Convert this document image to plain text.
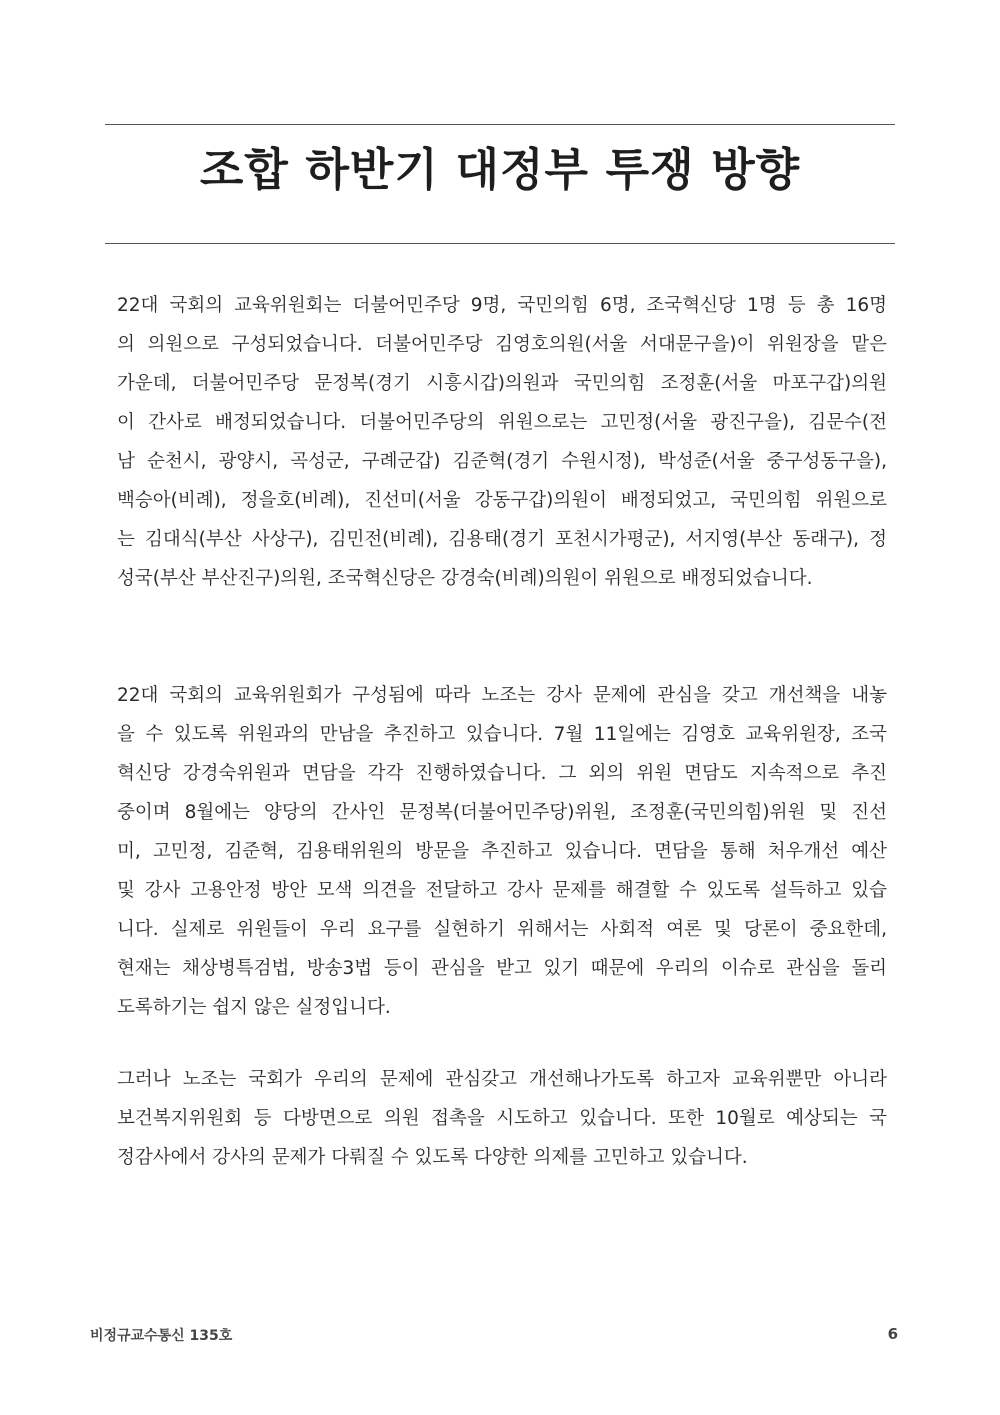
조합 하반기 대정부 투쟁 방향
22대 국회의 교육위원회는 더불어민주당 9명, 국민의힘 6명, 조국혁신당 1명 등 총 16명
의 의원으로 구성되었습니다. 더불어민주당 김영호의원(서울 서대문구을)이 위원장을 맡은
가운데, 더불어민주당 문정복(경기 시흥시갑)의원과 국민의힘 조정훈(서울 마포구갑)의원
이 간사로 배정되었습니다. 더불어민주당의 위원으로는 고민정(서울 광진구을), 김문수(전
남 순천시, 광양시, 곡성군, 구례군갑) 김준혁(경기 수원시정), 박성준(서울 중구성동구을),
백승아(비례), 정을호(비례), 진선미(서울 강동구갑)의원이 배정되었고, 국민의힘 위원으로
는 김대식(부산 사상구), 김민전(비례), 김용태(경기 포천시가평군), 서지영(부산 동래구), 정
성국(부산 부산진구)의원, 조국혁신당은 강경숙(비례)의원이 위원으로 배정되었습니다.
22대 국회의 교육위원회가 구성됨에 따라 노조는 강사 문제에 관심을 갖고 개선책을 내놓
을 수 있도록 위원과의 만남을 추진하고 있습니다. 7월 11일에는 김영호 교육위원장, 조국
혁신당 강경숙위원과 면담을 각각 진행하였습니다. 그 외의 위원 면담도 지속적으로 추진
중이며 8월에는 양당의 간사인 문정복(더불어민주당)위원, 조정훈(국민의힘)위원 및 진선
미, 고민정, 김준혁, 김용태위원의 방문을 추진하고 있습니다. 면담을 통해 처우개선 예산
및 강사 고용안정 방안 모색 의견을 전달하고 강사 문제를 해결할 수 있도록 설득하고 있습
니다. 실제로 위원들이 우리 요구를 실현하기 위해서는 사회적 여론 및 당론이 중요한데,
현재는 채상병특검법, 방송3법 등이 관심을 받고 있기 때문에 우리의 이슈로 관심을 돌리
도록하기는 쉽지 않은 실정입니다.
그러나 노조는 국회가 우리의 문제에 관심갖고 개선해나가도록 하고자 교육위뿐만 아니라
보건복지위원회 등 다방면으로 의원 접촉을 시도하고 있습니다. 또한 10월로 예상되는 국
정감사에서 강사의 문제가 다뤄질 수 있도록 다양한 의제를 고민하고 있습니다.
비정규교수통신 135호	6
